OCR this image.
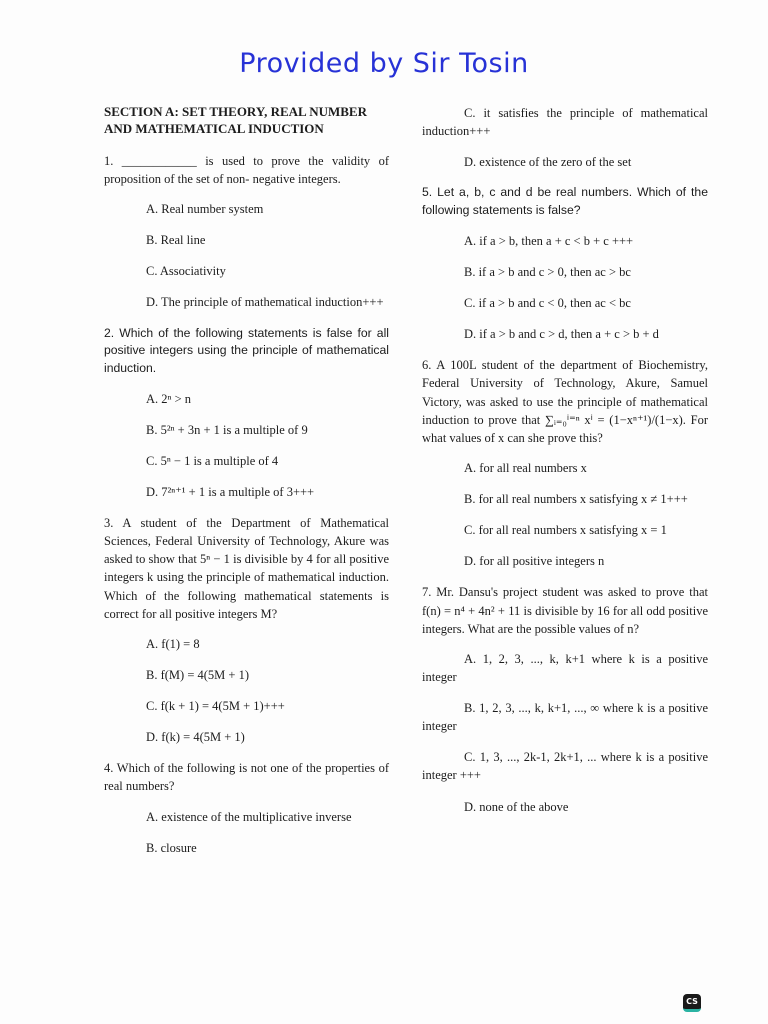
Provided by Sir Tosin
SECTION A: SET THEORY, REAL NUMBER AND MATHEMATICAL INDUCTION
1. ____________ is used to prove the validity of proposition of the set of non- negative integers.
A. Real number system
B. Real line
C. Associativity
D. The principle of mathematical induction+++
2. Which of the following statements is false for all positive integers using the principle of mathematical induction.
A. 2ⁿ > n
B. 5²ⁿ + 3n + 1 is a multiple of 9
C. 5ⁿ − 1 is a multiple of 4
D. 7²ⁿ⁺¹ + 1 is a multiple of 3+++
3. A student of the Department of Mathematical Sciences, Federal University of Technology, Akure was asked to show that 5ⁿ − 1 is divisible by 4 for all positive integers k using the principle of mathematical induction. Which of the following mathematical statements is correct for all positive integers M?
A. f(1) = 8
B. f(M) = 4(5M + 1)
C. f(k + 1) = 4(5M + 1)+++
D. f(k) = 4(5M + 1)
4. Which of the following is not one of the properties of real numbers?
A. existence of the multiplicative inverse
B. closure
C. it satisfies the principle of mathematical induction+++
D. existence of the zero of the set
5. Let a, b, c and d be real numbers. Which of the following statements is false?
A. if a > b, then a + c < b + c +++
B. if a > b and c > 0, then ac > bc
C. if a > b and c < 0, then ac < bc
D. if a > b and c > d, then a + c > b + d
6. A 100L student of the department of Biochemistry, Federal University of Technology, Akure, Samuel Victory, was asked to use the principle of mathematical induction to prove that ∑ᵢ₌₀ⁱ⁼ⁿ xⁱ = (1−xⁿ⁺¹)/(1−x). For what values of x can she prove this?
A. for all real numbers x
B. for all real numbers x satisfying x ≠ 1+++
C. for all real numbers x satisfying x = 1
D. for all positive integers n
7. Mr. Dansu's project student was asked to prove that f(n) = n⁴ + 4n² + 11 is divisible by 16 for all odd positive integers. What are the possible values of n?
A. 1, 2, 3, ..., k, k+1 where k is a positive integer
B. 1, 2, 3, ..., k, k+1, ..., ∞ where k is a positive integer
C. 1, 3, ..., 2k-1, 2k+1, ... where k is a positive integer +++
D. none of the above
CS
